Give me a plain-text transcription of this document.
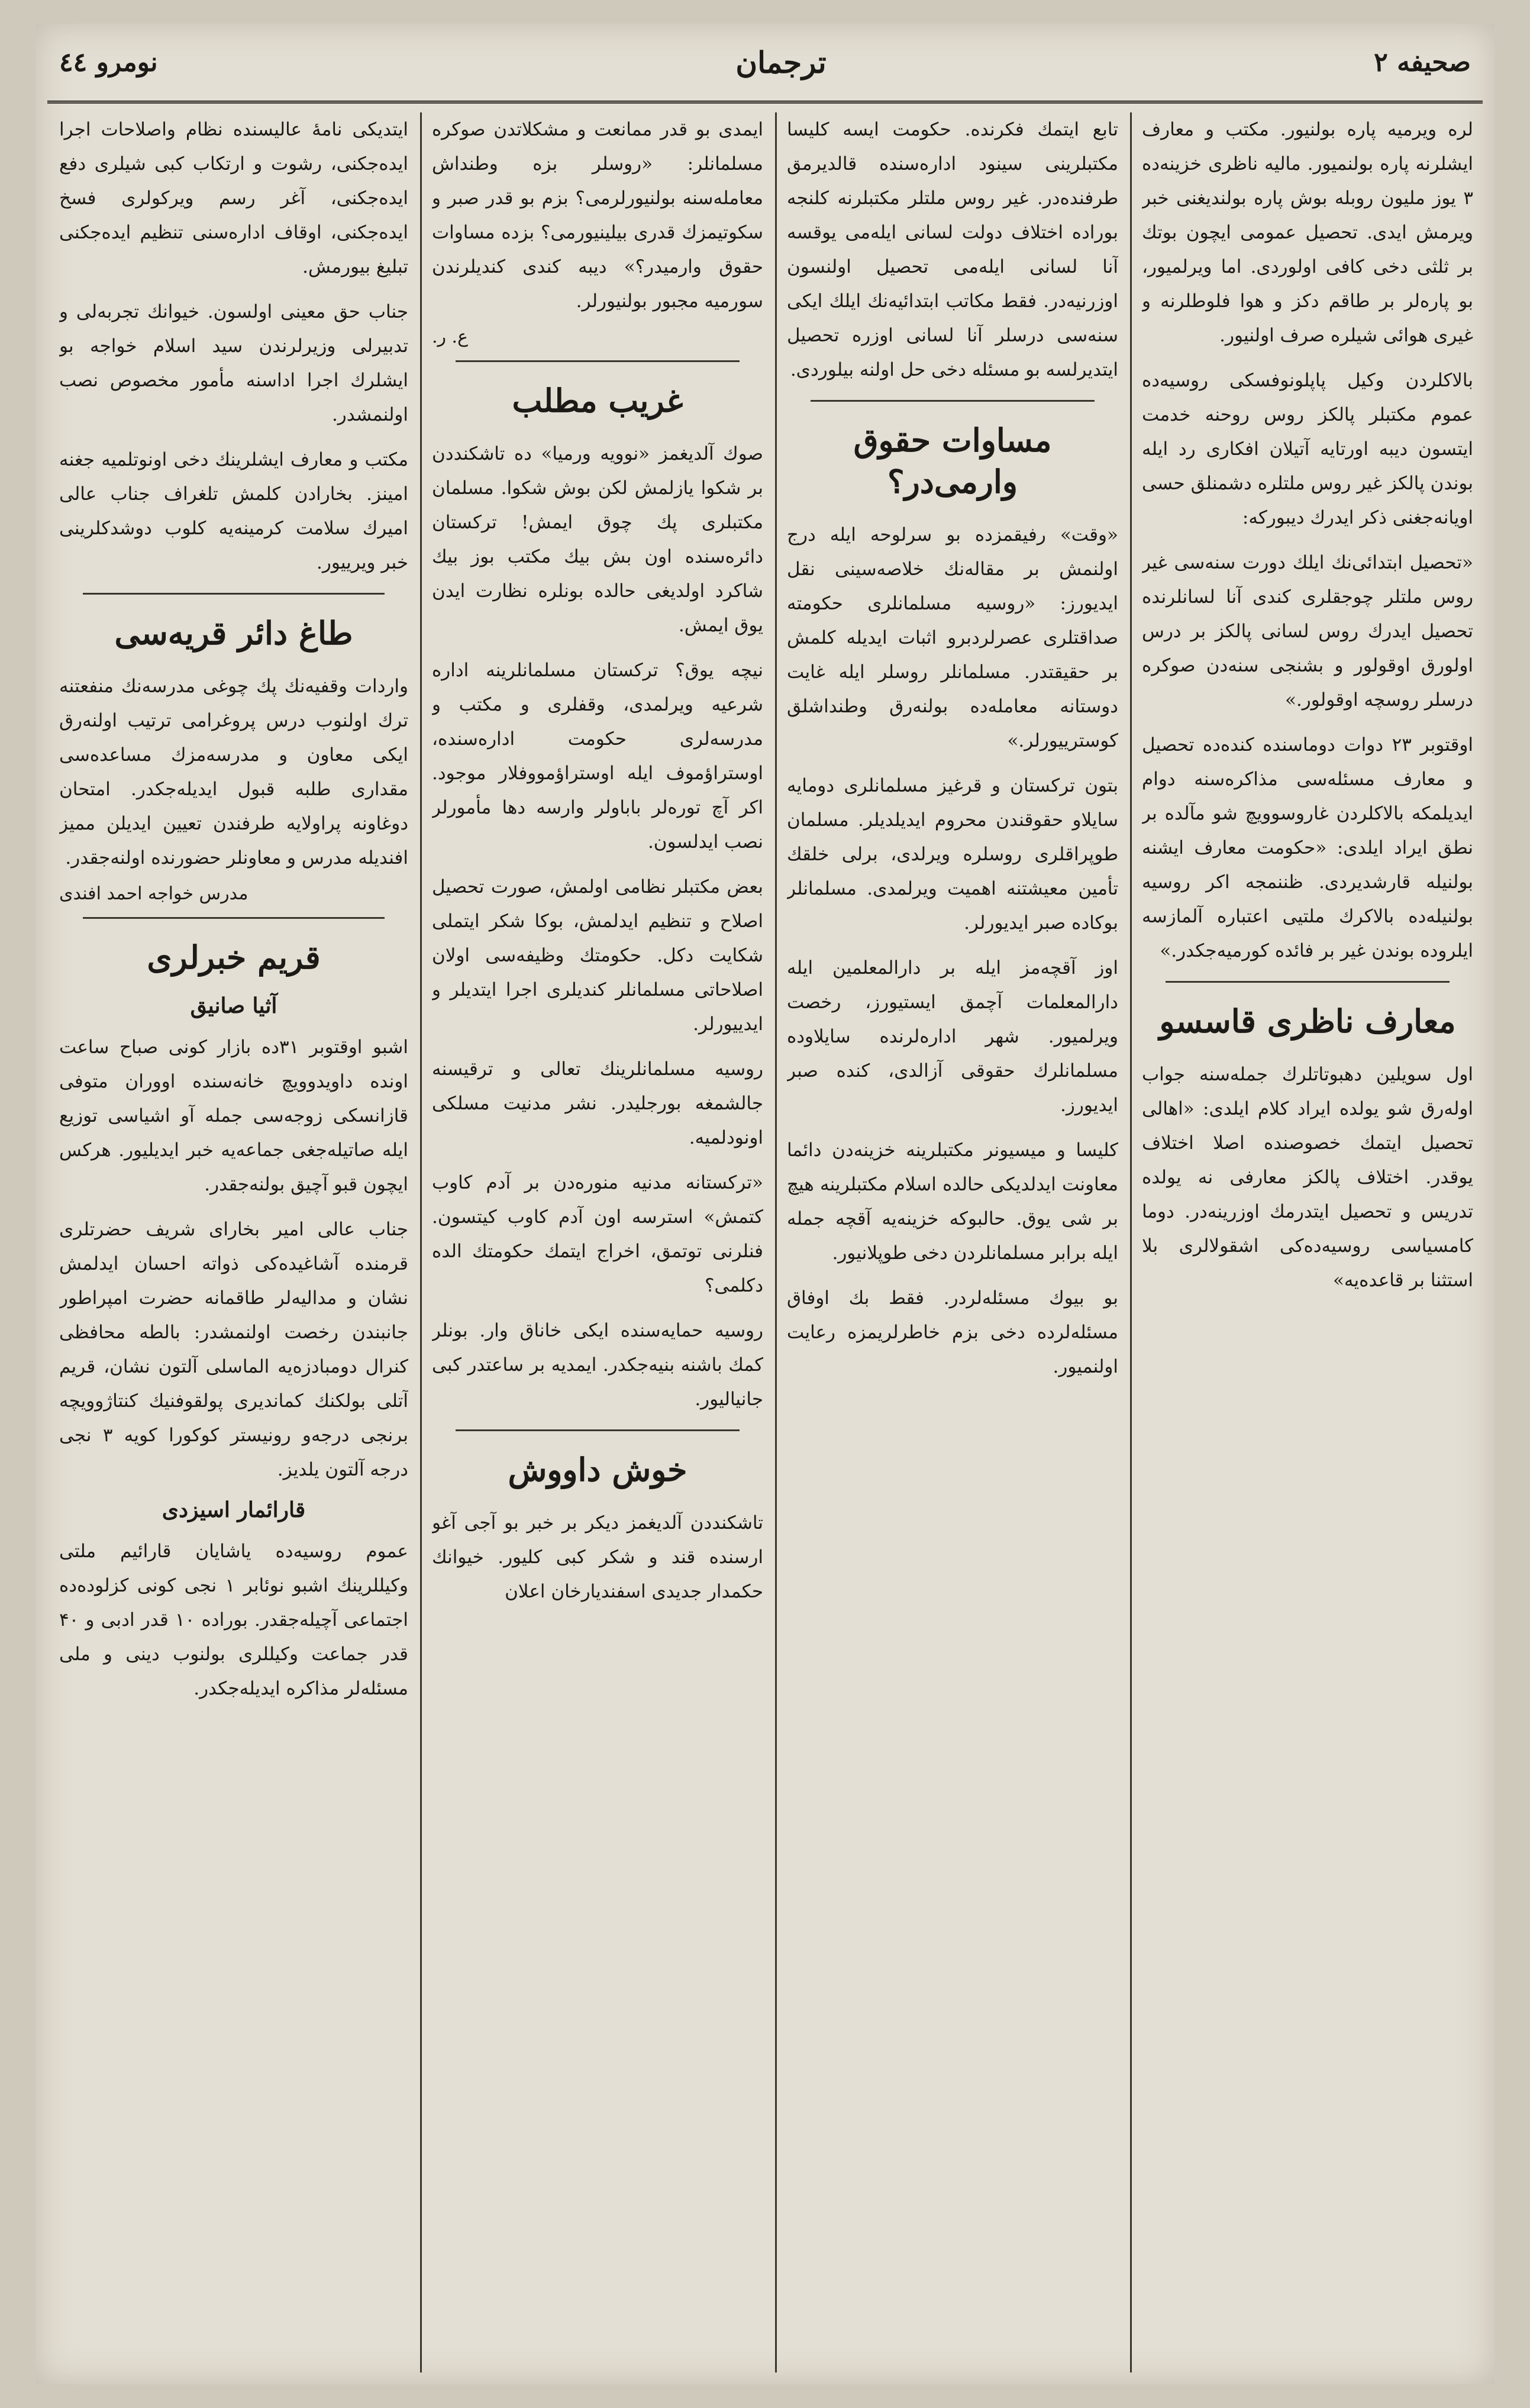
نومرو ٤٤	ترجمان	صحیفه ۲

لره ویرمیه پاره بولنیور. مکتب و معارف ایشلرنه پاره بولنمیور. مالیه ناظری خزینه‌ده ۳ یوز ملیون روبله بوش پاره بولندیغنی خبر ویرمش ایدی. تحصیل عمومی ایچون بوتك بر ثلثی دخی کافی اولوردی. اما ویرلمیور، بو پاره‌لر بر طاقم دکز و هوا فلوطلرنه و غیری هوائی شیلره صرف اولنیور.

بالاکلردن وکیل پاپلونوفسکی روسیه‌ده عموم مکتبلر پالکز روس روحنه خدمت ایتسون دیبه اورتایه آتیلان افکاری رد ایله بوندن پالکز غیر روس ملتلره دشمنلق حسی اویانه‌جغنی ذکر ایدرك دیبورکه:

«تحصیل ابتدائی‌نك ایلك دورت سنه‌سی غیر روس ملتلر چوجقلری کندی آنا لسانلرنده تحصیل ایدرك روس لسانی پالکز بر درس اولورق اوقولور و بشنجی سنه‌دن صوکره درسلر روسچه اوقولور.»

اوقتوبر ۲۳ دوات دوماسنده کنده‌ده تحصیل و معارف مسئله‌سی مذاکره‌سنه دوام ایدیلمکه بالاکلردن غاروسوویچ شو مآلده بر نطق ایراد ایلدی: «حکومت معارف ایشنه بولنیله قارشدیردی. ظننمجه اکر روسیه بولنیله‌ده بالاکرك ملتیی اعتباره آلمازسه ایلروده بوندن غیر بر فائده کورمیه‌جکدر.»

معارف ناظری قاسسو

اول سویلین دهبوتاتلرك جمله‌سنه جواب اولەرق شو یولده ایراد کلام ایلدی: «اهالی تحصیل ایتمك خصوصنده اصلا اختلاف یوقدر. اختلاف پالکز معارفی نه یولده تدریس و تحصیل ایتدرمك اوزرینه‌در. دوما کامسیاسی روسیه‌ده‌کی اشقولالری بلا استثنا بر قاعده‌یه»

تابع ایتمك فکرنده. حکومت ایسه کلیسا مکتبلرینی سینود ادارەسنده قالدیرمق طرفنده‌در. غیر روس ملتلر مکتبلرنه کلنجه بوراده اختلاف دولت لسانی ایله‌می یوقسه آنا لسانی ایله‌می تحصیل اولنسون اوزرنیه‌در. فقط مکاتب ابتدائیه‌نك ایلك ایکی سنه‌سی درسلر آنا لسانی اوزره تحصیل ایتدیرلسه بو مسئله دخی حل اولنه بیلوردی.

مساوات حقوق وارمی‌در؟

«وقت» رفیقمزده بو سرلوحه ایله درج اولنمش بر مقاله‌نك خلاصه‌سینی نقل ایدیورز: «روسیه مسلمانلری حکومته صداقتلری عصرلردبرو اثبات ایدیله کلمش بر حقیقتدر. مسلمانلر روسلر ایله غایت دوستانه معامله‌ده بولنەرق وطنداشلق کوسترییورلر.»

بتون ترکستان و قرغیز مسلمانلری دومایه سایلاو حقوقندن محروم ایدیلدیلر. مسلمان طوپراقلری روسلره ویرلدی، برلی خلقك تأمین معیشتنه اهمیت ویرلمدی. مسلمانلر بوکاده صبر ایدیورلر.

اوز آقچه‌مز ایله بر دارالمعلمین ایله دارالمعلمات آچمق ایستیورز، رخصت ویرلمیور. شهر ادارەلرنده سایلاوده مسلمانلرك حقوقی آزالدی، کنده صبر ایدیورز.

کلیسا و میسیونر مکتبلرینه خزینه‌دن دائما معاونت ایدلدیکی حالده اسلام مکتبلرینه هیچ بر شی یوق. حالبوکه خزینه‌یه آقچه جمله ایله برابر مسلمانلردن دخی طوپلانیور.

بو بیوك مسئله‌لردر. فقط بك اوفاق مسئله‌لرده دخی بزم خاطرلریمزه رعایت اولنمیور.

ایمدی بو قدر ممانعت و مشکلاتدن صوکره مسلمانلر: «روسلر بزه وطنداش معامله‌سنه بولنیورلرمی؟ بزم بو قدر صبر و سکوتیمزك قدری بیلینیورمی؟ بزده مساوات حقوق وارمیدر؟» دیبه کندی کندیلرندن سورمیه مجبور بولنیورلر.

ع. ر.
غریب مطلب

صوك آلدیغمز «نوویه ورمیا» ده تاشکنددن بر شکوا یازلمش لکن بوش شکوا. مسلمان مکتبلری پك چوق ایمش! ترکستان دائره‌سنده اون بش بیك مکتب بوز بیك شاکرد اولدیغی حالده بونلره نظارت ایدن یوق ایمش.

نیچه یوق؟ ترکستان مسلمانلرینه اداره شرعیه ویرلمدی، وقفلری و مکتب و مدرسه‌لری حکومت ادارەسنده، اوستراؤموف ایله اوستراؤمووفلار موجود. اکر آچ توره‌لر باباولر وارسه دها مأمورلر نصب ایدلسون.

بعض مکتبلر نظامی اولمش، صورت تحصیل اصلاح و تنظیم ایدلمش، بوکا شکر ایتملی شکایت دکل. حکومتك وظیفه‌سی اولان اصلاحاتی مسلمانلر کندیلری اجرا ایتدیلر و ایدییورلر.

روسیه مسلمانلرینك تعالی و ترقیسنه جالشمغه بورجلیدر. نشر مدنیت مسلکی اونودلمیه.

«ترکستانه مدنیه منوره‌دن بر آدم کاوب کتمش» استرسه اون آدم کاوب کیتسون. فنلرنی توتمق، اخراج ایتمك حکومتك الده دکلمی؟

روسیه حمایه‌سنده ایکی خاناق وار. بونلر کمك باشنه بنیه‌جکدر. ایمدیه بر ساعتدر کبی جانیالیور.

خوش داووش

تاشکنددن آلدیغمز دیکر بر خبر بو آجی آغو ارسنده قند و شکر کبی کلیور. خیوانك حکمدار جدیدی اسفندیارخان اعلان

ایتدیکی نامهٔ عالیسنده نظام واصلاحات اجرا ایده‌جکنی، رشوت و ارتکاب کبی شیلری دفع ایده‌جکنی، آغر رسم ویرکولری فسخ ایده‌جکنی، اوقاف ادارەسنی تنظیم ایده‌جکنی تبلیغ بیورمش.

جناب حق معینی اولسون. خیوانك تجربه‌لی و تدبیرلی وزیرلرندن سید اسلام خواجه بو ایشلرك اجرا اداسنه مأمور مخصوص نصب اولنمشدر.

مکتب و معارف ایشلرینك دخی اونوتلمیه جغنه امینز. بخارادن کلمش تلغراف جناب عالی امیرك سلامت کرمینه‌یه کلوب دوشدکلرینی خبر ویرییور.

طاغ دائر قریه‌سی

واردات وقفیه‌نك پك چوغی مدرسه‌نك منفعتنه ترك اولنوب درس پروغرامی ترتیب اولنەرق ایکی معاون و مدرسه‌مزك مساعده‌سی مقداری طلبه قبول ایدیله‌جکدر. امتحان دوغاونه پراولایه طرفندن تعیین ایدیلن ممیز افندیله مدرس و معاونلر حضورنده اولنه‌جقدر.

مدرس خواجه احمد افندی
قریم خبرلری
آثیا صانیق

اشبو اوقتوبر ۳۱ده بازار کونی صباح ساعت اونده داویدوویچ خانه‌سنده اووران متوفی قازانسکی زوجه‌سی جمله آو اشیاسی توزیع ایله صاتیله‌جغی جماعه‌یه خبر ایدیلیور. هرکس ایچون قبو آچیق بولنه‌جقدر.

جناب عالی امیر بخارای شریف حضرتلری قرمنده آشاغیده‌کی ذواته احسان ایدلمش نشان و مدالیه‌لر طاقمانه حضرت امپراطور جانبندن رخصت اولنمشدر: بالطه محافظی کنرال دومبادزه‌یه الماسلی آلتون نشان، قریم آتلی بولکنك کماندیری پولقوفنیك کنتاژوویچه برنجی درجه‌و رونیستر کوکورا کویه ۳ نجی درجه آلتون یلدیز.

قارائمار اسیزدی

عموم روسیه‌ده یاشایان قارائیم ملتی وکیللرینك اشبو نوئابر ۱ نجی کونی کزلوده‌ده اجتماعی آچیله‌جقدر. بوراده ۱۰ قدر ادبی و ۴۰ قدر جماعت وکیللری بولنوب دینی و ملی مسئله‌لر مذاکره ایدیله‌جکدر.
